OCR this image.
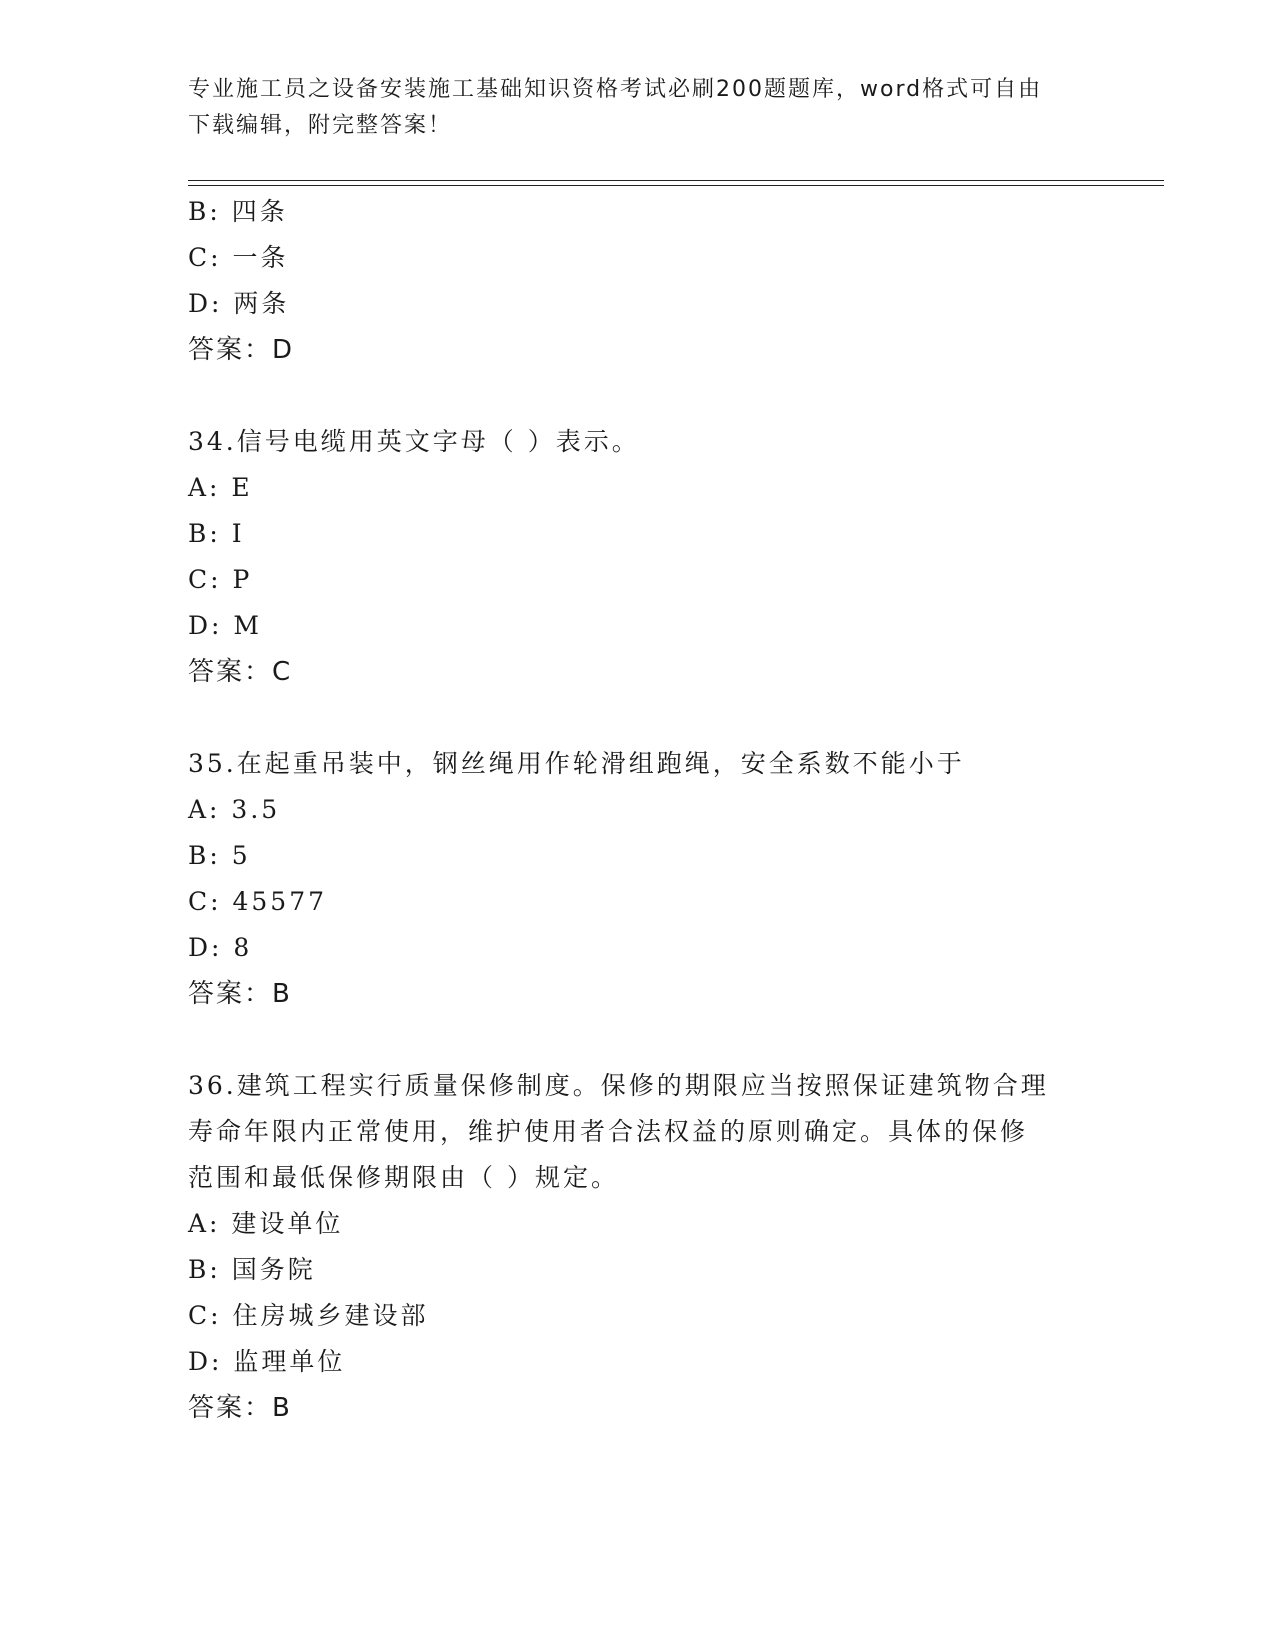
专业施工员之设备安装施工基础知识资格考试必刷200题题库，word格式可自由
下载编辑，附完整答案！
B: 四条
C: 一条
D: 两条
答案：D
34.信号电缆用英文字母（ ）表示。
A: E
B: I
C: P
D: M
答案：C
35.在起重吊装中，钢丝绳用作轮滑组跑绳，安全系数不能小于
A: 3.5
B: 5
C: 45577
D: 8
答案：B
36.建筑工程实行质量保修制度。保修的期限应当按照保证建筑物合理
寿命年限内正常使用，维护使用者合法权益的原则确定。具体的保修
范围和最低保修期限由（ ）规定。
A: 建设单位
B: 国务院
C: 住房城乡建设部
D: 监理单位
答案：B
